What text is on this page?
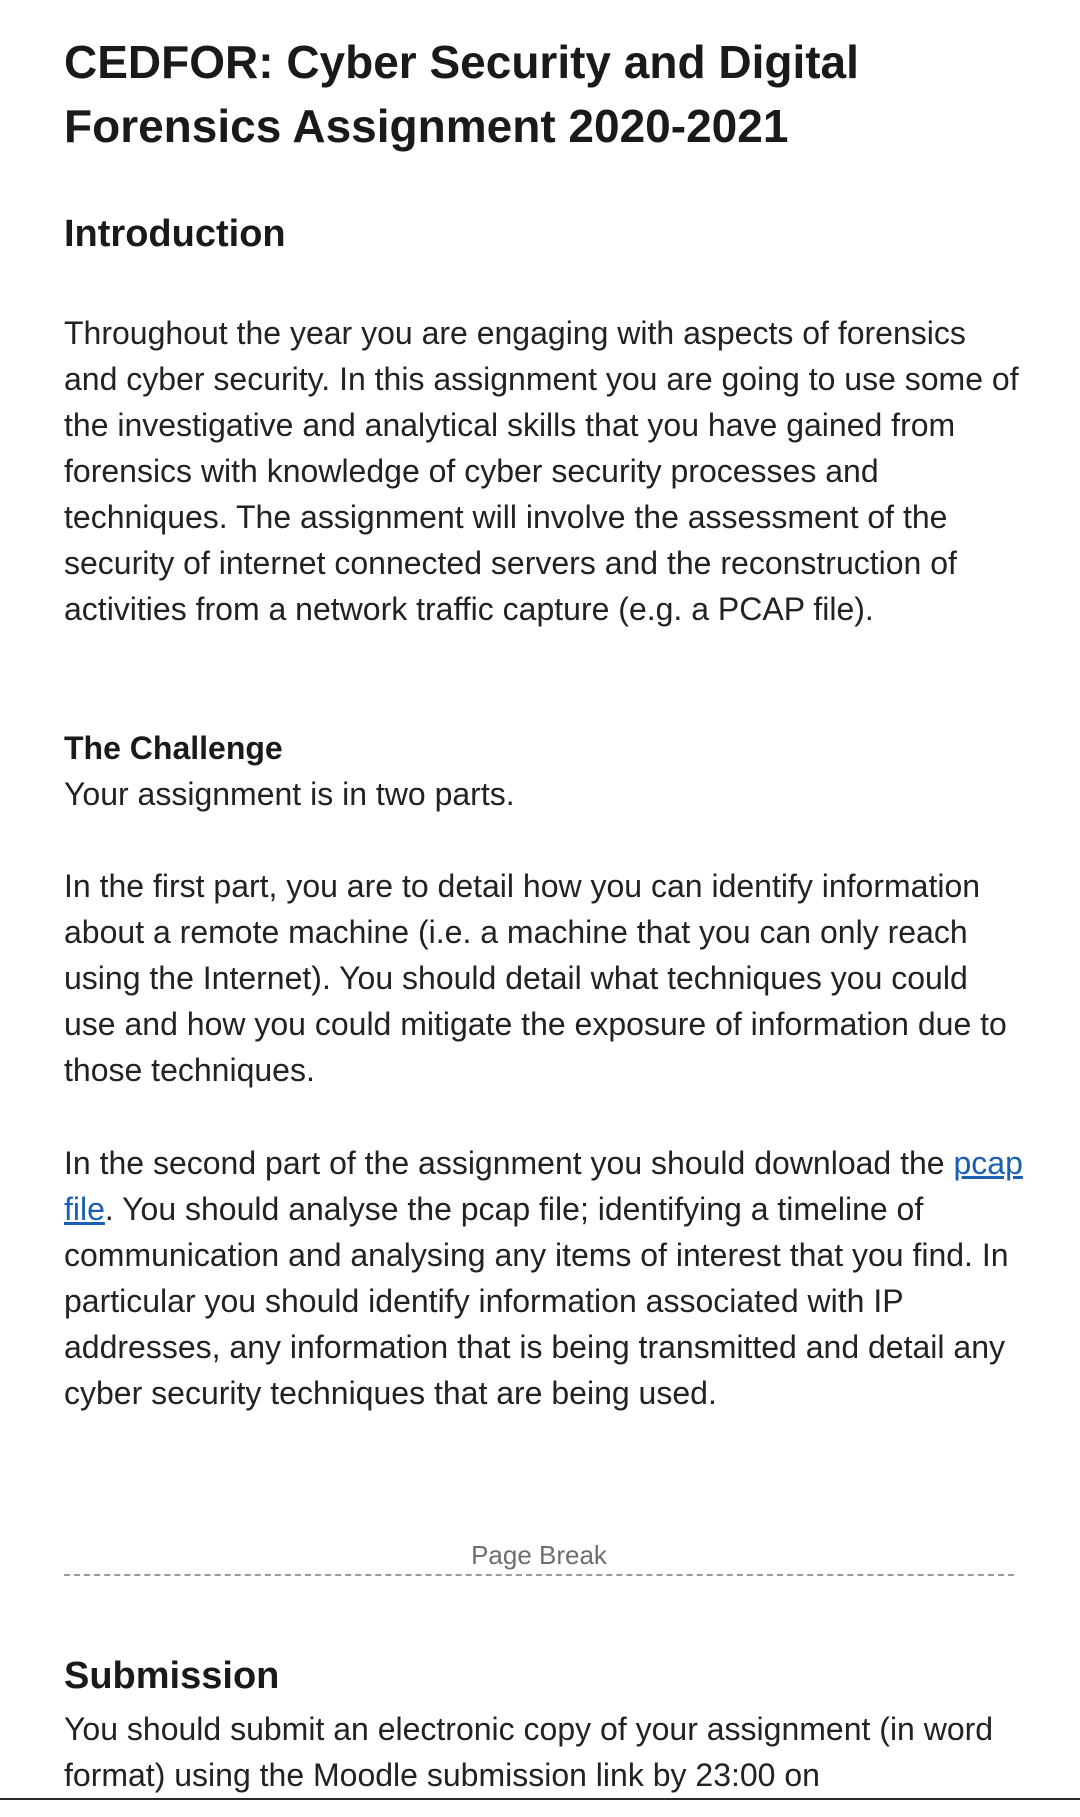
CEDFOR: Cyber Security and Digital Forensics Assignment 2020-2021
Introduction

Throughout the year you are engaging with aspects of forensics and cyber security. In this assignment you are going to use some of the investigative and analytical skills that you have gained from forensics with knowledge of cyber security processes and techniques. The assignment will involve the assessment of the security of internet connected servers and the reconstruction of activities from a network traffic capture (e.g. a PCAP file).

The Challenge

Your assignment is in two parts.

In the first part, you are to detail how you can identify information about a remote machine (i.e. a machine that you can only reach using the Internet). You should detail what techniques you could use and how you could mitigate the exposure of information due to those techniques.

In the second part of the assignment you should download the pcap file. You should analyse the pcap file; identifying a timeline of communication and analysing any items of interest that you find. In particular you should identify information associated with IP addresses, any information that is being transmitted and detail any cyber security techniques that are being used.

Page Break
Submission

You should submit an electronic copy of your assignment (in word format) using the Moodle submission link by 23:00 on
